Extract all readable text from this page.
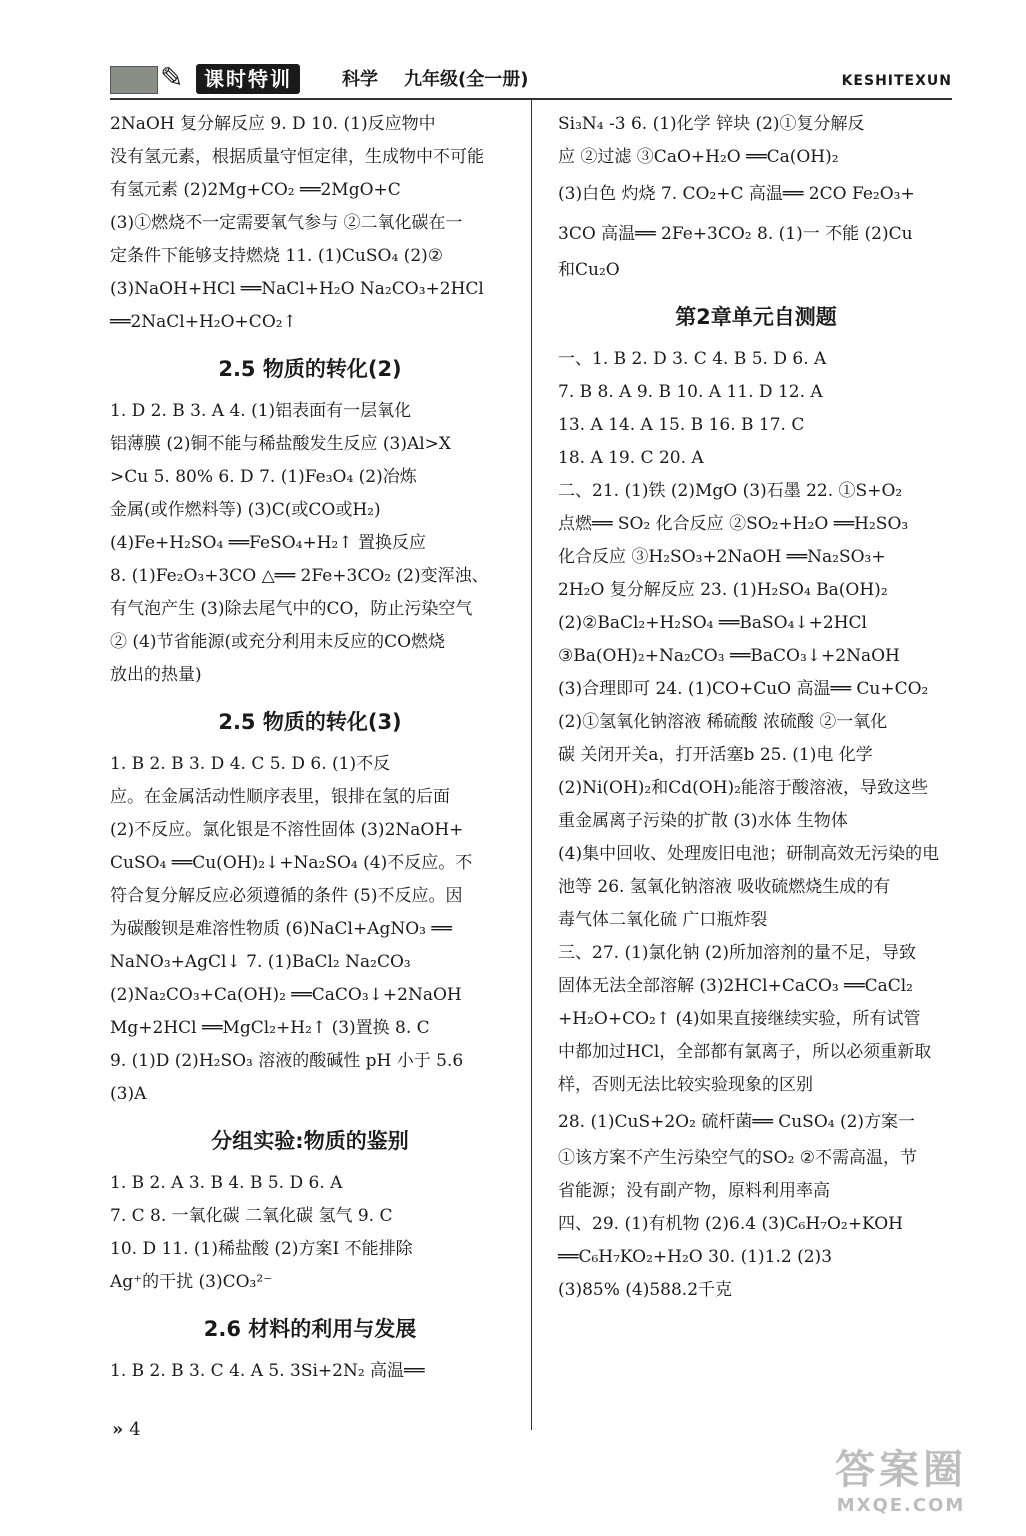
✎	课时特训	科学 九年级(全一册)	KESHITEXUN
2NaOH 复分解反应 9. D 10. (1)反应物中
没有氢元素，根据质量守恒定律，生成物中不可能
有氢元素 (2)2Mg+CO₂ ══2MgO+C
(3)①燃烧不一定需要氧气参与 ②二氧化碳在一
定条件下能够支持燃烧 11. (1)CuSO₄ (2)②
(3)NaOH+HCl ══NaCl+H₂O Na₂CO₃+2HCl
══2NaCl+H₂O+CO₂↑
2.5 物质的转化(2)
1. D 2. B 3. A 4. (1)铝表面有一层氧化
铝薄膜 (2)铜不能与稀盐酸发生反应 (3)Al>X
>Cu 5. 80% 6. D 7. (1)Fe₃O₄ (2)冶炼
金属(或作燃料等) (3)C(或CO或H₂)
(4)Fe+H₂SO₄ ══FeSO₄+H₂↑ 置换反应
8. (1)Fe₂O₃+3CO △══ 2Fe+3CO₂ (2)变浑浊、
有气泡产生 (3)除去尾气中的CO，防止污染空气
② (4)节省能源(或充分利用未反应的CO燃烧
放出的热量)
2.5 物质的转化(3)
1. B 2. B 3. D 4. C 5. D 6. (1)不反
应。在金属活动性顺序表里，银排在氢的后面
(2)不反应。氯化银是不溶性固体 (3)2NaOH+
CuSO₄ ══Cu(OH)₂↓+Na₂SO₄ (4)不反应。不
符合复分解反应必须遵循的条件 (5)不反应。因
为碳酸钡是难溶性物质 (6)NaCl+AgNO₃ ══
NaNO₃+AgCl↓ 7. (1)BaCl₂ Na₂CO₃
(2)Na₂CO₃+Ca(OH)₂ ══CaCO₃↓+2NaOH
Mg+2HCl ══MgCl₂+H₂↑ (3)置换 8. C
9. (1)D (2)H₂SO₃ 溶液的酸碱性 pH 小于 5.6
(3)A
分组实验:物质的鉴别
1. B 2. A 3. B 4. B 5. D 6. A
7. C 8. 一氧化碳 二氧化碳 氢气 9. C
10. D 11. (1)稀盐酸 (2)方案Ⅰ 不能排除
Ag⁺的干扰 (3)CO₃²⁻
2.6 材料的利用与发展
1. B 2. B 3. C 4. A 5. 3Si+2N₂ 高温══
Si₃N₄ -3 6. (1)化学 锌块 (2)①复分解反
应 ②过滤 ③CaO+H₂O ══Ca(OH)₂
(3)白色 灼烧 7. CO₂+C 高温══ 2CO Fe₂O₃+
3CO 高温══ 2Fe+3CO₂ 8. (1)一 不能 (2)Cu
和Cu₂O
第2章单元自测题
一、1. B 2. D 3. C 4. B 5. D 6. A
7. B 8. A 9. B 10. A 11. D 12. A
13. A 14. A 15. B 16. B 17. C
18. A 19. C 20. A
二、21. (1)铁 (2)MgO (3)石墨 22. ①S+O₂
点燃══ SO₂ 化合反应 ②SO₂+H₂O ══H₂SO₃
化合反应 ③H₂SO₃+2NaOH ══Na₂SO₃+
2H₂O 复分解反应 23. (1)H₂SO₄ Ba(OH)₂
(2)②BaCl₂+H₂SO₄ ══BaSO₄↓+2HCl
③Ba(OH)₂+Na₂CO₃ ══BaCO₃↓+2NaOH
(3)合理即可 24. (1)CO+CuO 高温══ Cu+CO₂
(2)①氢氧化钠溶液 稀硫酸 浓硫酸 ②一氧化
碳 关闭开关a，打开活塞b 25. (1)电 化学
(2)Ni(OH)₂和Cd(OH)₂能溶于酸溶液，导致这些
重金属离子污染的扩散 (3)水体 生物体
(4)集中回收、处理废旧电池；研制高效无污染的电
池等 26. 氢氧化钠溶液 吸收硫燃烧生成的有
毒气体二氧化硫 广口瓶炸裂
三、27. (1)氯化钠 (2)所加溶剂的量不足，导致
固体无法全部溶解 (3)2HCl+CaCO₃ ══CaCl₂
+H₂O+CO₂↑ (4)如果直接继续实验，所有试管
中都加过HCl，全部都有氯离子，所以必须重新取
样，否则无法比较实验现象的区别
28. (1)CuS+2O₂ 硫杆菌══ CuSO₄ (2)方案一
①该方案不产生污染空气的SO₂ ②不需高温，节
省能源；没有副产物，原料利用率高
四、29. (1)有机物 (2)6.4 (3)C₆H₇O₂+KOH
══C₆H₇KO₂+H₂O 30. (1)1.2 (2)3
(3)85% (4)588.2千克
» 4
答案圈
MXQE.COM
